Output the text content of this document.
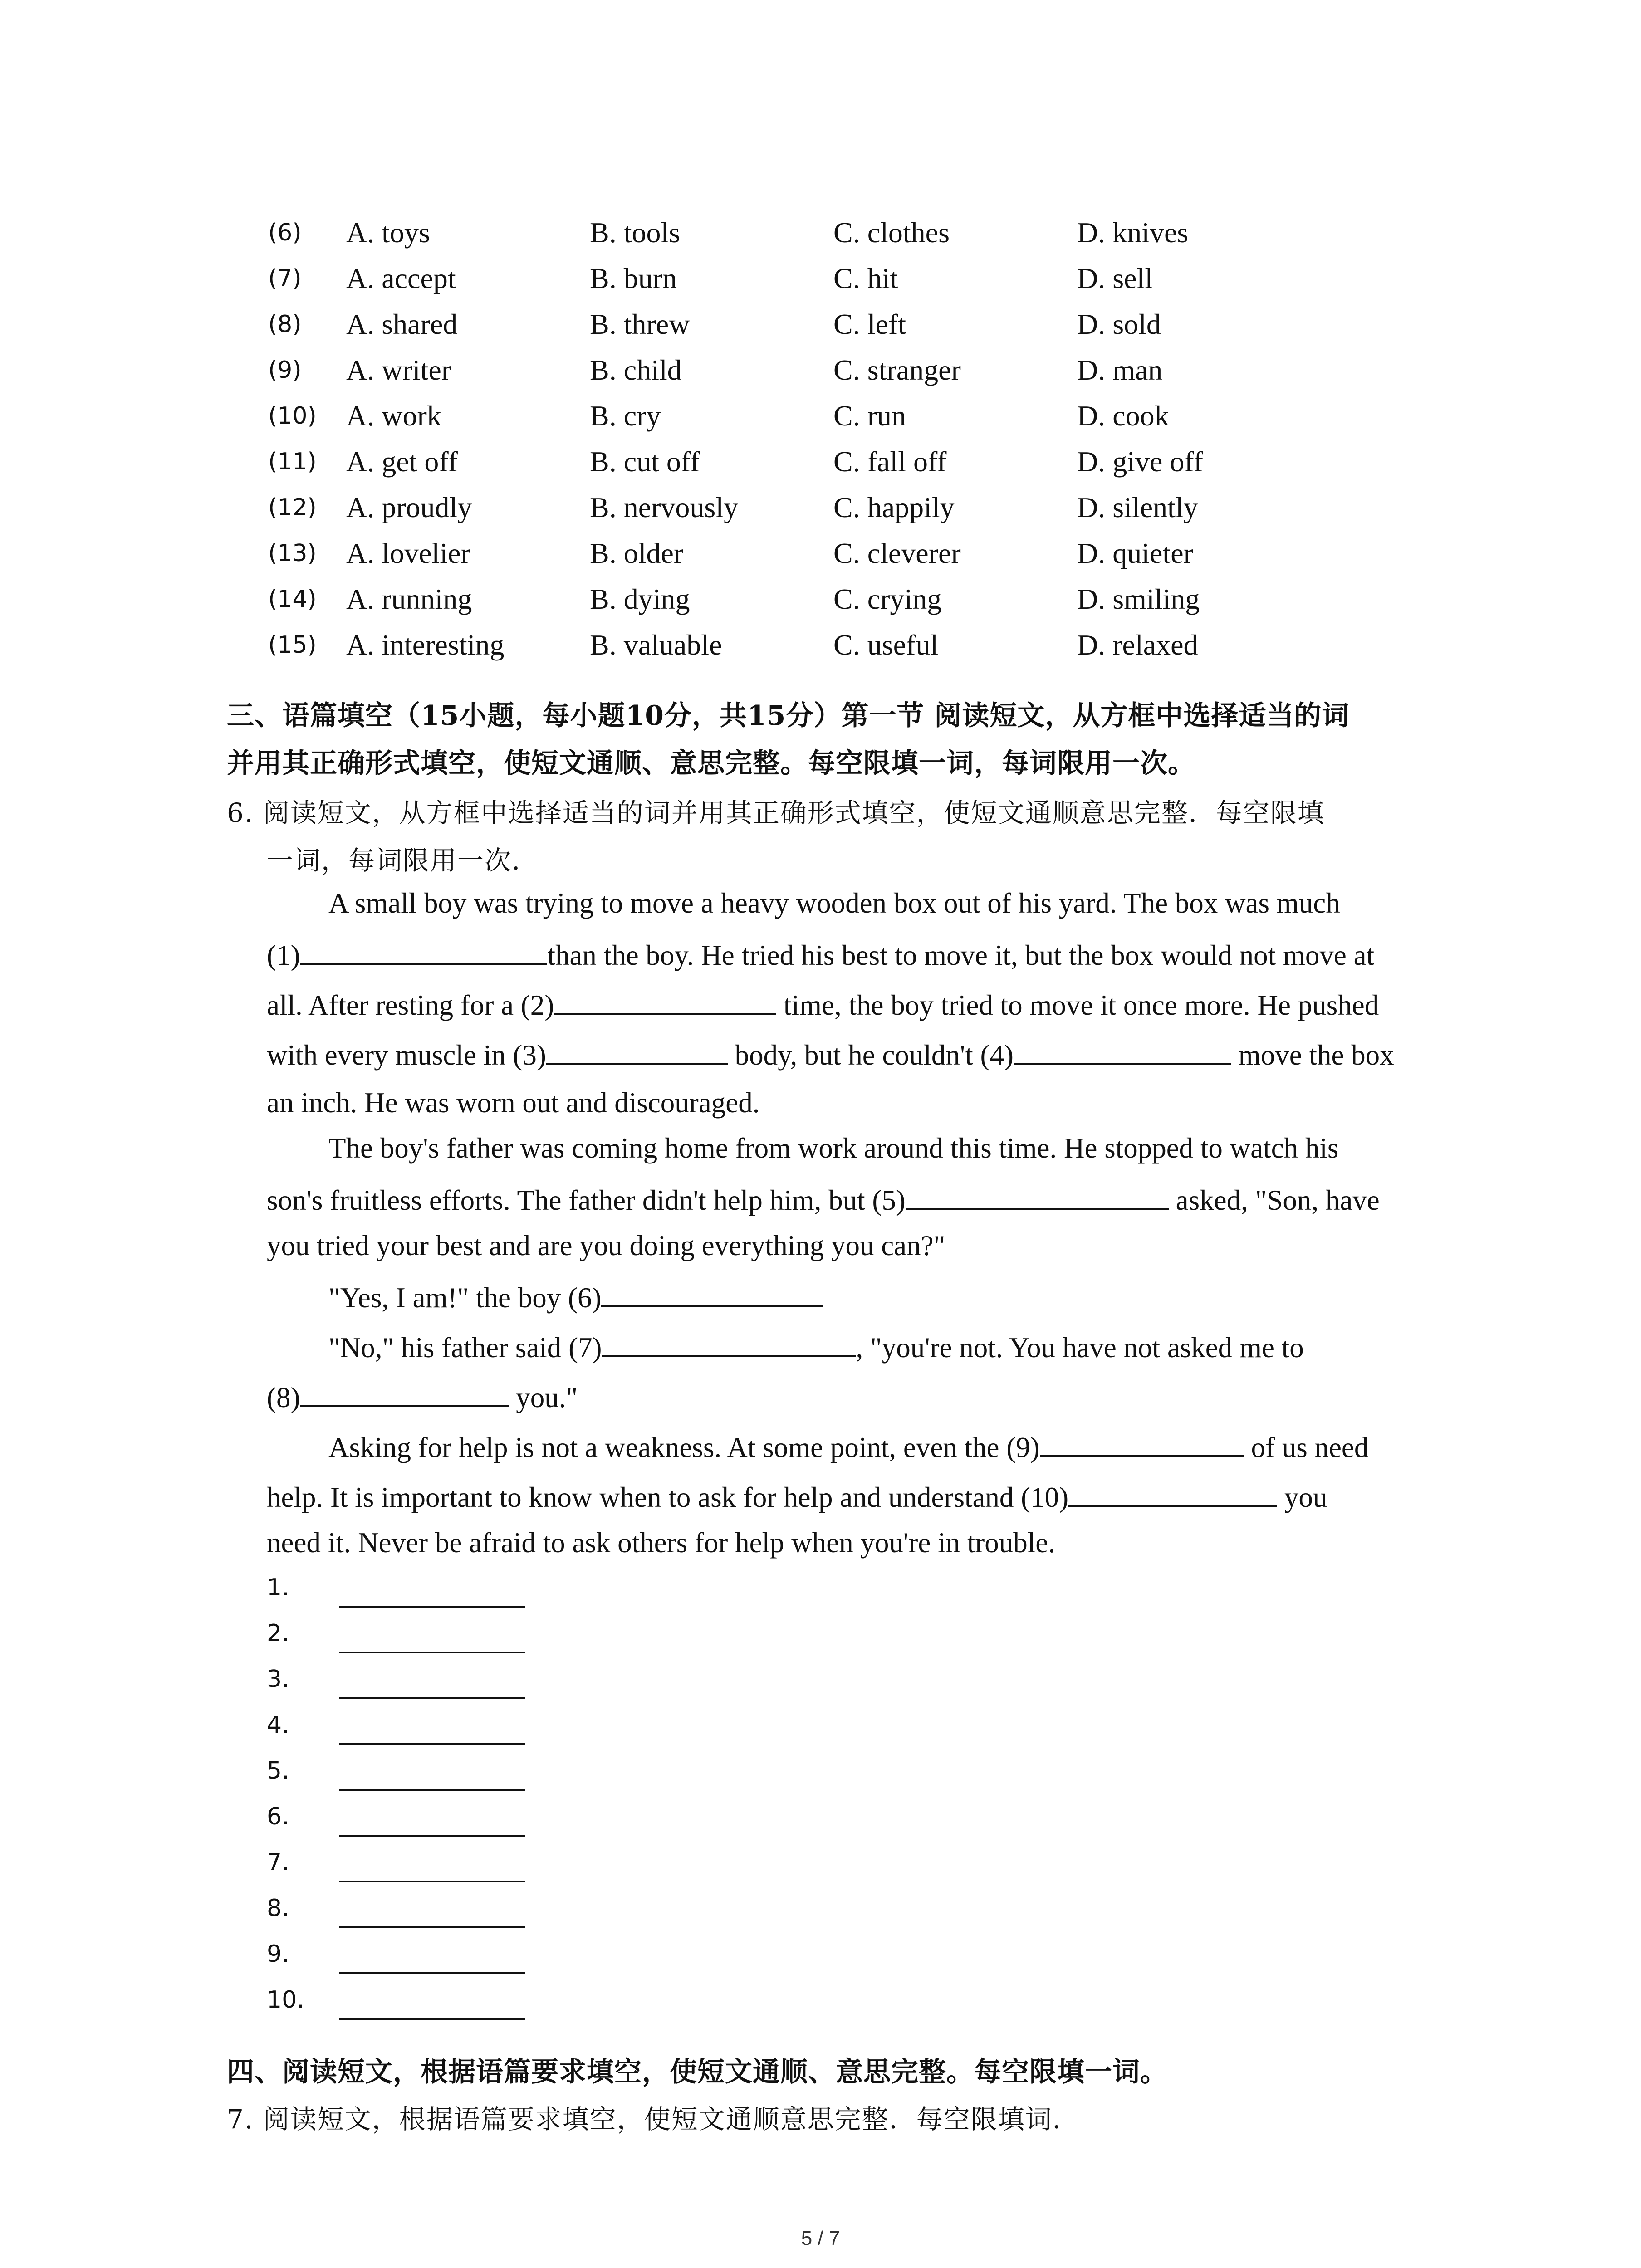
(6)	A. toys	B. tools	C. clothes	D. knives
(7)	A. accept	B. burn	C. hit	D. sell
(8)	A. shared	B. threw	C. left	D. sold
(9)	A. writer	B. child	C. stranger	D. man
(10)	A. work	B. cry	C. run	D. cook
(11)	A. get off	B. cut off	C. fall off	D. give off
(12)	A. proudly	B. nervously	C. happily	D. silently
(13)	A. lovelier	B. older	C. cleverer	D. quieter
(14)	A. running	B. dying	C. crying	D. smiling
(15)	A. interesting	B. valuable	C. useful	D. relaxed
三、语篇填空（15小题，每小题10分，共15分）第一节 阅读短文，从方框中选择适当的词
并用其正确形式填空，使短文通顺、意思完整。每空限填一词，每词限用一次。
6. 阅读短文，从方框中选择适当的词并用其正确形式填空，使短文通顺意思完整．每空限填
一词，每词限用一次．
A small boy was trying to move a heavy wooden box out of his yard. The box was much
(1)	than the boy. He tried his best to move it, but the box would not move at
all. After resting for a (2)	time, the boy tried to move it once more. He pushed
with every muscle in (3)	body, but he couldn't (4)	move the box
an inch. He was worn out and discouraged.
The boy's father was coming home from work around this time. He stopped to watch his
son's fruitless efforts. The father didn't help him, but (5)	asked, "Son, have
you tried your best and are you doing everything you can?"
"Yes, I am!" the boy (6)
"No," his father said (7)	, "you're not. You have not asked me to
(8)	you."
Asking for help is not a weakness. At some point, even the (9)	of us need
help. It is important to know when to ask for help and understand (10)	you
need it. Never be afraid to ask others for help when you're in trouble.
1.
2.
3.
4.
5.
6.
7.
8.
9.
10.
四、阅读短文，根据语篇要求填空，使短文通顺、意思完整。每空限填一词。
7. 阅读短文，根据语篇要求填空，使短文通顺意思完整．每空限填词．
5 / 7
